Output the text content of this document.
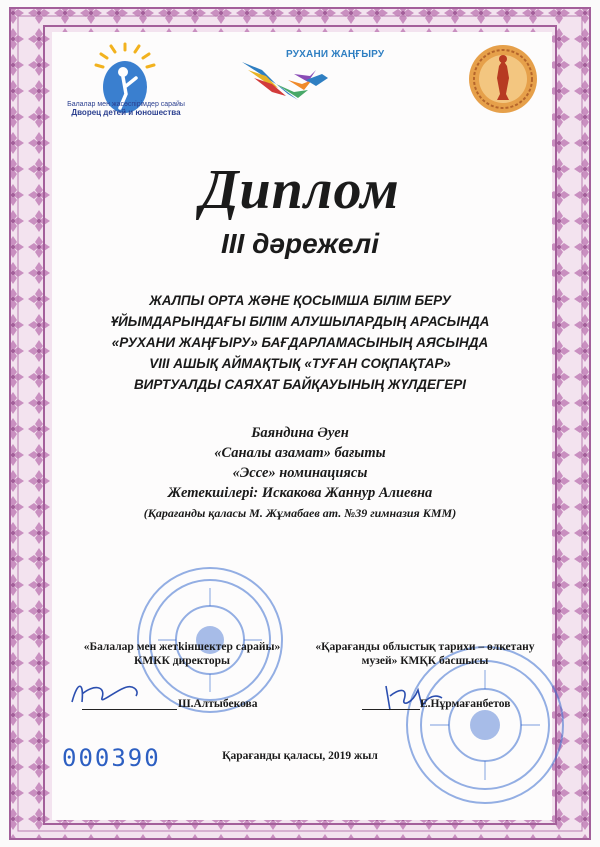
Балалар мен жасөспірімдер сарайы
Дворец детей и юношества
РУХАНИ ЖАҢҒЫРУ
Диплом
III дәрежелі
ЖАЛПЫ ОРТА ЖӘНЕ ҚОСЫМША БІЛІМ БЕРУ
ҰЙЫМДАРЫНДАҒЫ БІЛІМ АЛУШЫЛАРДЫҢ АРАСЫНДА
«РУХАНИ ЖАҢҒЫРУ» БАҒДАРЛАМАСЫНЫҢ АЯСЫНДА
VIII АШЫҚ АЙМАҚТЫҚ «ТУҒАН СОҚПАҚТАР»
ВИРТУАЛДЫ САЯХАТ БАЙҚАУЫНЫҢ ЖҮЛДЕГЕРІ
Баяндина Әуен
«Саналы азамат» бағыты
«Эссе» номинациясы
Жетекшілері: Искакова Жаннур Алиевна
(Қарағанды қаласы М. Жұмабаев ат. №39 гимназия КММ)
«Балалар мен жетkіншектер сарайы»
КМКК директоры
«Қарағанды облыстық тарихи – өлкетану
музей» КМҚК басшысы
Ш.Алтыбекова	Е.Нұрмағанбетов
000390	Қарағанды қаласы, 2019 жыл
